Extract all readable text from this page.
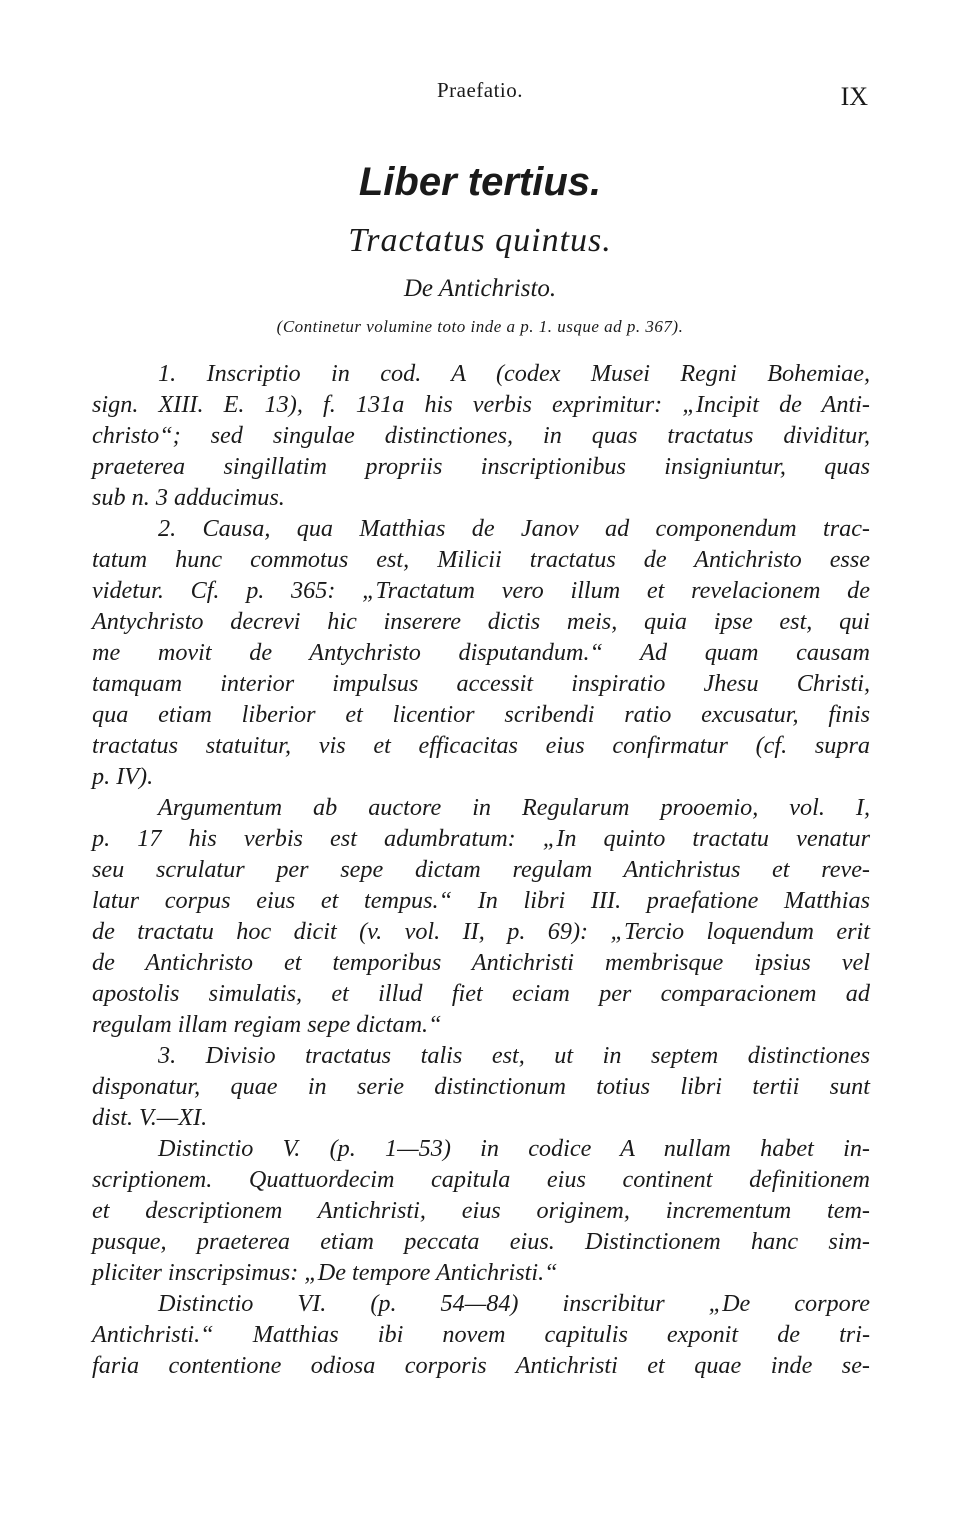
Praefatio.	IX
Liber tertius.
Tractatus quintus.
De Antichristo.
(Continetur volumine toto inde a p. 1. usque ad p. 367).
1. Inscriptio in cod. A (codex Musei Regni Bohemiae,
sign. XIII. E. 13), f. 131a his verbis exprimitur: „Incipit de Anti-
christo“; sed singulae distinctiones, in quas tractatus dividitur,
praeterea singillatim propriis inscriptionibus insigniuntur, quas
sub n. 3 adducimus.
2. Causa, qua Matthias de Janov ad componendum trac-
tatum hunc commotus est, Milicii tractatus de Antichristo esse
videtur. Cf. p. 365: „Tractatum vero illum et revelacionem de
Antychristo decrevi hic inserere dictis meis, quia ipse est, qui
me movit de Antychristo disputandum.“ Ad quam causam
tamquam interior impulsus accessit inspiratio Jhesu Christi,
qua etiam liberior et licentior scribendi ratio excusatur, finis
tractatus statuitur, vis et efficacitas eius confirmatur (cf. supra
p. IV).
Argumentum ab auctore in Regularum prooemio, vol. I,
p. 17 his verbis est adumbratum: „In quinto tractatu venatur
seu scrulatur per sepe dictam regulam Antichristus et reve-
latur corpus eius et tempus.“ In libri III. praefatione Matthias
de tractatu hoc dicit (v. vol. II, p. 69): „Tercio loquendum erit
de Antichristo et temporibus Antichristi membrisque ipsius vel
apostolis simulatis, et illud fiet eciam per comparacionem ad
regulam illam regiam sepe dictam.“
3. Divisio tractatus talis est, ut in septem distinctiones
disponatur, quae in serie distinctionum totius libri tertii sunt
dist. V.—XI.
Distinctio V. (p. 1—53) in codice A nullam habet in-
scriptionem. Quattuordecim capitula eius continent definitionem
et descriptionem Antichristi, eius originem, incrementum tem-
pusque, praeterea etiam peccata eius. Distinctionem hanc sim-
pliciter inscripsimus: „De tempore Antichristi.“
Distinctio VI. (p. 54—84) inscribitur „De corpore
Antichristi.“ Matthias ibi novem capitulis exponit de tri-
faria contentione odiosa corporis Antichristi et quae inde se-
